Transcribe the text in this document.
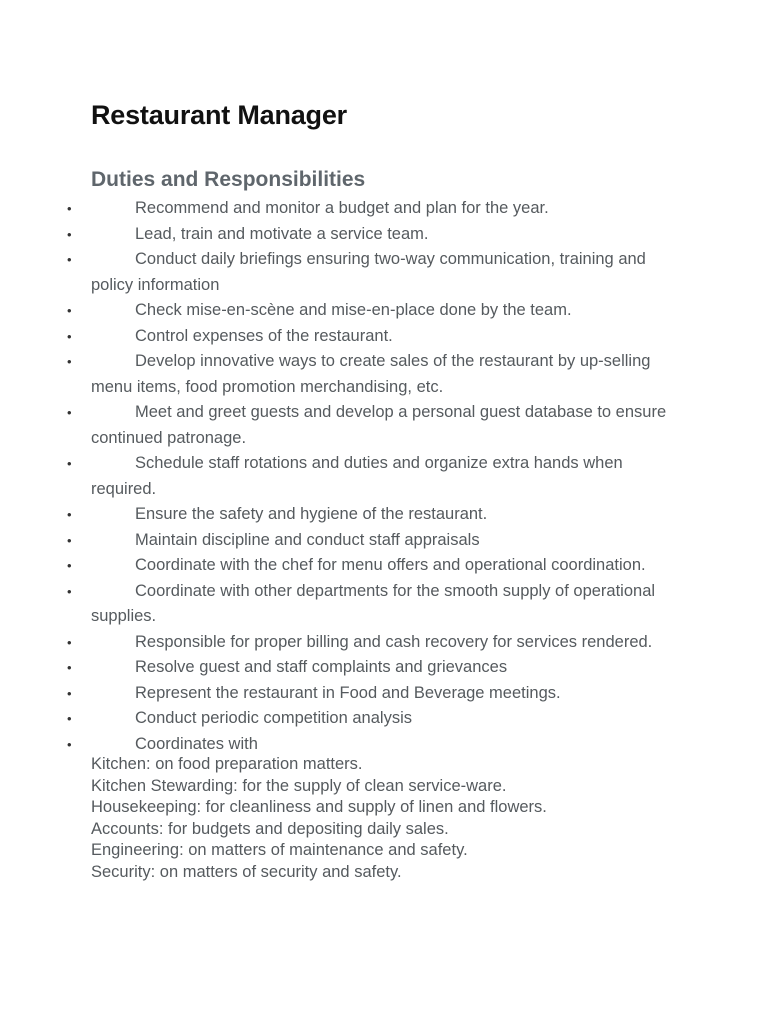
Restaurant Manager
Duties and Responsibilities
•	Recommend and monitor a budget and plan for the year.
•	Lead, train and motivate a service team.
•	Conduct daily briefings ensuring two-way communication, training and policy information
•	Check mise-en-scène and mise-en-place done by the team.
•	Control expenses of the restaurant.
•	Develop innovative ways to create sales of the restaurant by up-selling menu items, food promotion merchandising, etc.
•	Meet and greet guests and develop a personal guest database to ensure continued patronage.
•	Schedule staff rotations and duties and organize extra hands when required.
•	Ensure the safety and hygiene of the restaurant.
•	Maintain discipline and conduct staff appraisals
•	Coordinate with the chef for menu offers and operational coordination.
•	Coordinate with other departments for the smooth supply of operational supplies.
•	Responsible for proper billing and cash recovery for services rendered.
•	Resolve guest and staff complaints and grievances
•	Represent the restaurant in Food and Beverage meetings.
•	Conduct periodic competition analysis
•	Coordinates with
Kitchen: on food preparation matters.
Kitchen Stewarding: for the supply of clean service-ware.
Housekeeping: for cleanliness and supply of linen and flowers.
Accounts: for budgets and depositing daily sales.
Engineering: on matters of maintenance and safety.
Security: on matters of security and safety.
